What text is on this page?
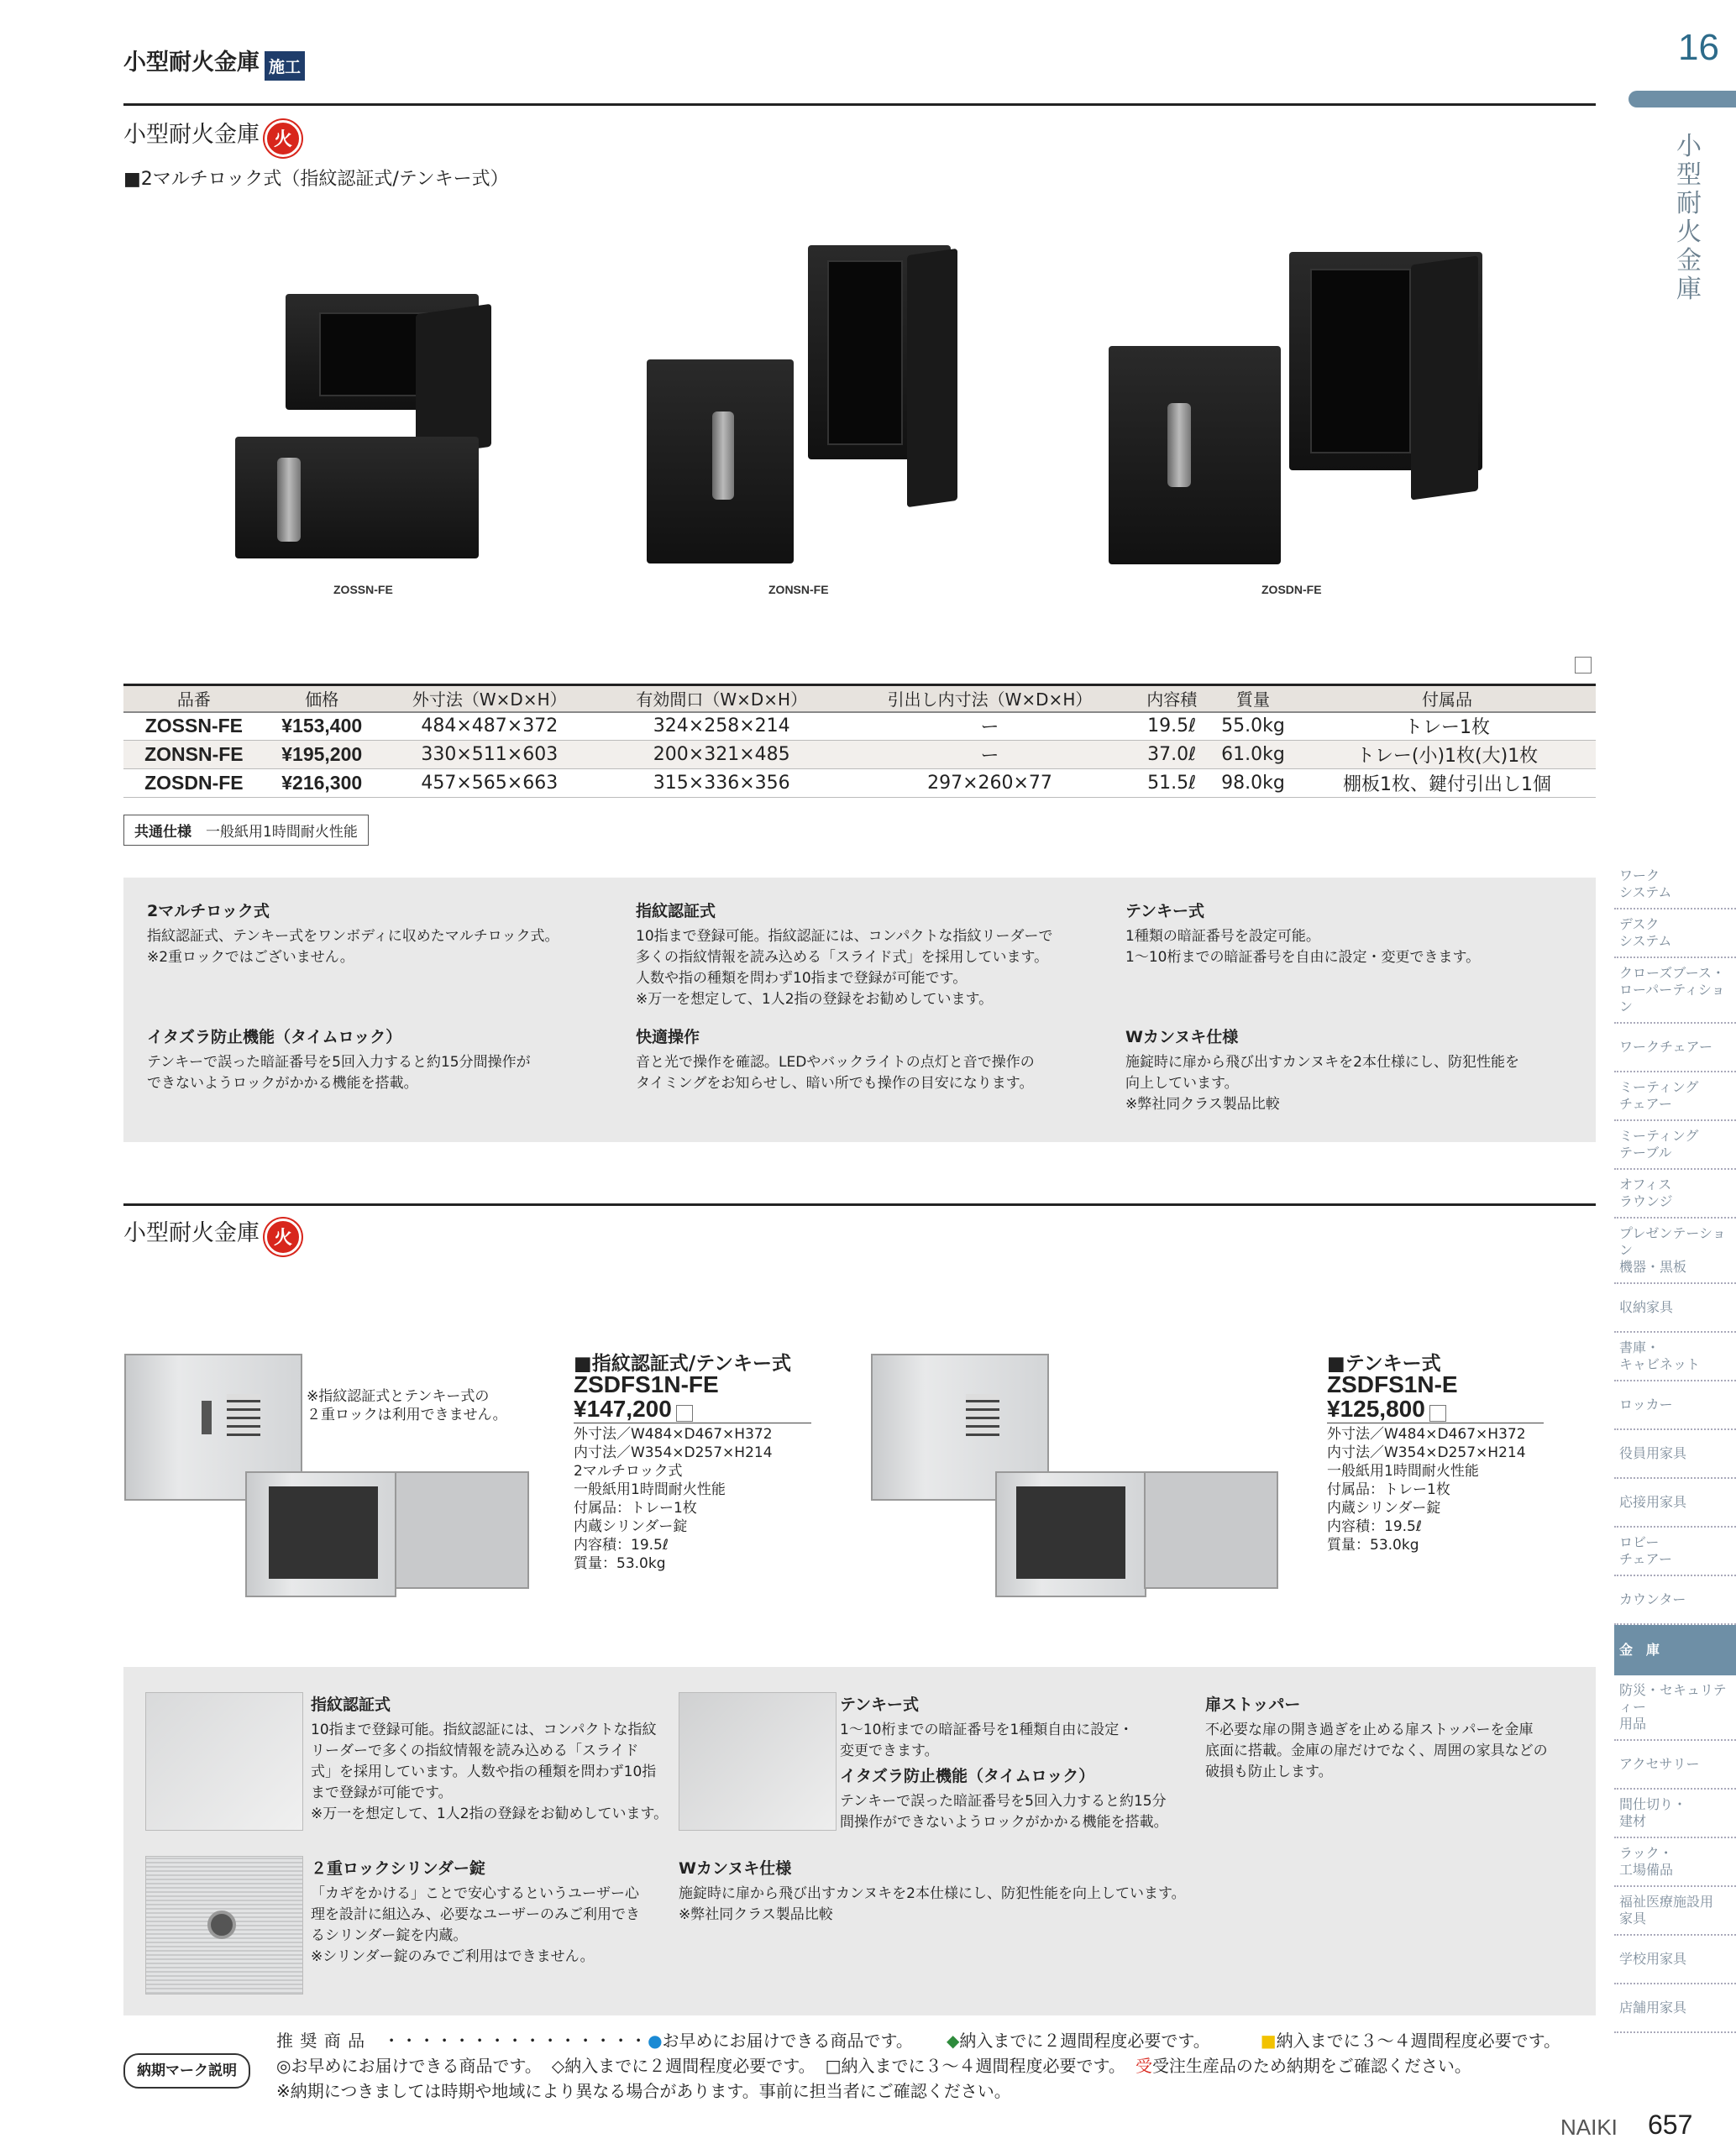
小型耐火金庫 施工	16
小型耐火金庫
ワーク
システム
デスク
システム
クローズブース・
ローパーティション
ワークチェアー
ミーティング
チェアー
ミーティング
テーブル
オフィス
ラウンジ
プレゼンテーション
機器・黒板
収納家具
書庫・
キャビネット
ロッカー
役員用家具
応接用家具
ロビー
チェアー
カウンター
金　庫
防災・セキュリティー
用品
アクセサリー
間仕切り・
建材
ラック・
工場備品
福祉医療施設用
家具
学校用家具
店舗用家具
小型耐火金庫 火
■2マルチロック式（指紋認証式/テンキー式）
ZOSSN-FE	ZONSN-FE	ZOSDN-FE
品番	価格	外寸法（W×D×H）	有効間口（W×D×H）	引出し内寸法（W×D×H）	内容積	質量	付属品
ZOSSN-FE	¥153,400	484×487×372	324×258×214	ー	19.5ℓ	55.0kg	トレー1枚
ZONSN-FE	¥195,200	330×511×603	200×321×485	ー	37.0ℓ	61.0kg	トレー(小)1枚(大)1枚
ZOSDN-FE	¥216,300	457×565×663	315×336×356	297×260×77	51.5ℓ	98.0kg	棚板1枚、鍵付引出し1個
共通仕様　 一般紙用1時間耐火性能
2マルチロック式
指紋認証式、テンキー式をワンボディに収めたマルチロック式。
※2重ロックではございません。
指紋認証式
10指まで登録可能。指紋認証には、コンパクトな指紋リーダーで
多くの指紋情報を読み込める「スライド式」を採用しています。
人数や指の種類を問わず10指まで登録が可能です。
※万一を想定して、1人2指の登録をお勧めしています。
テンキー式
1種類の暗証番号を設定可能。
1～10桁までの暗証番号を自由に設定・変更できます。
イタズラ防止機能（タイムロック）
テンキーで誤った暗証番号を5回入力すると約15分間操作が
できないようロックがかかる機能を搭載。
快適操作
音と光で操作を確認。LEDやバックライトの点灯と音で操作の
タイミングをお知らせし、暗い所でも操作の目安になります。
Wカンヌキ仕様
施錠時に扉から飛び出すカンヌキを2本仕様にし、防犯性能を
向上しています。
※弊社同クラス製品比較
小型耐火金庫 火
※指紋認証式とテンキー式の
２重ロックは利用できません。
■指紋認証式/テンキー式
ZSDFS1N-FE
¥147,200
外寸法／W484×D467×H372
内寸法／W354×D257×H214
2マルチロック式
一般紙用1時間耐火性能
付属品：トレー1枚
内蔵シリンダー錠
内容積：19.5ℓ
質量：53.0kg
■テンキー式
ZSDFS1N-E
¥125,800
外寸法／W484×D467×H372
内寸法／W354×D257×H214
一般紙用1時間耐火性能
付属品：トレー1枚
内蔵シリンダー錠
内容積：19.5ℓ
質量：53.0kg
指紋認証式
10指まで登録可能。指紋認証には、コンパクトな指紋
リーダーで多くの指紋情報を読み込める「スライド
式」を採用しています。人数や指の種類を問わず10指
まで登録が可能です。
※万一を想定して、1人2指の登録をお勧めしています。
テンキー式
1～10桁までの暗証番号を1種類自由に設定・
変更できます。
イタズラ防止機能（タイムロック）
テンキーで誤った暗証番号を5回入力すると約15分
間操作ができないようロックがかかる機能を搭載。
扉ストッパー
不必要な扉の開き過ぎを止める扉ストッパーを金庫
底面に搭載。金庫の扉だけでなく、周囲の家具などの
破損も防止します。
２重ロックシリンダー錠
「カギをかける」ことで安心するというユーザー心
理を設計に組込み、必要なユーザーのみご利用でき
るシリンダー錠を内蔵。
※シリンダー錠のみでご利用はできません。
Wカンヌキ仕様
施錠時に扉から飛び出すカンヌキを2本仕様にし、防犯性能を向上しています。
※弊社同クラス製品比較
納期マーク説明
推 奨 商 品　・・・・・・・・・・・・・・・●お早めにお届けできる商品です。 ◆納入までに２週間程度必要です。	■納入までに３～４週間程度必要です。
◎お早めにお届けできる商品です。 ◇納入までに２週間程度必要です。 □納入までに３～４週間程度必要です。 受受注生産品のため納期をご確認ください。
※納期につきましては時期や地域により異なる場合があります。事前に担当者にご確認ください。
NAIKI 657
